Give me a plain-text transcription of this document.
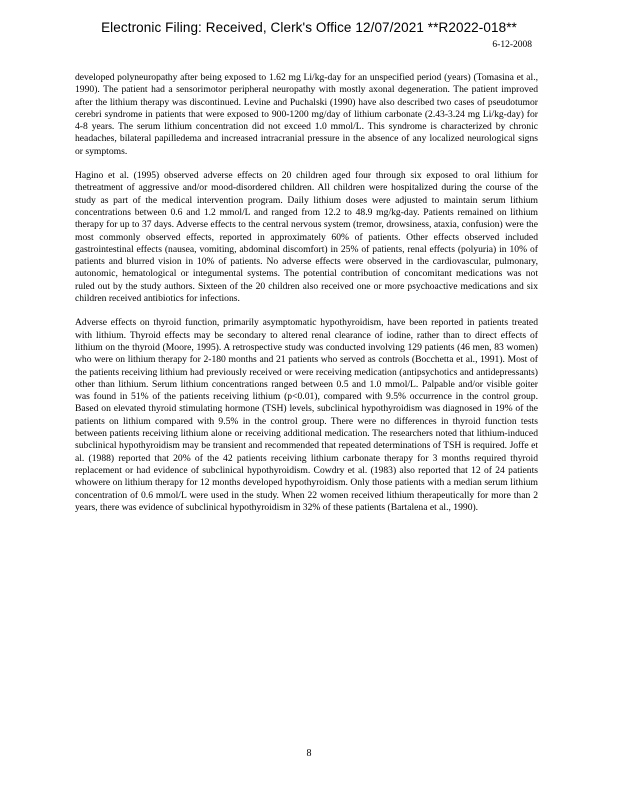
Electronic Filing: Received, Clerk's Office 12/07/2021 **R2022-018**
6-12-2008

developed polyneuropathy after being exposed to 1.62 mg Li/kg-day for an unspecified period (years) (Tomasina et al., 1990). The patient had a sensorimotor peripheral neuropathy with mostly axonal degeneration. The patient improved after the lithium therapy was discontinued. Levine and Puchalski (1990) have also described two cases of pseudotumor cerebri syndrome in patients that were exposed to 900-1200 mg/day of lithium carbonate (2.43-3.24 mg Li/kg-day) for 4-8 years. The serum lithium concentration did not exceed 1.0 mmol/L. This syndrome is characterized by chronic headaches, bilateral papilledema and increased intracranial pressure in the absence of any localized neurological signs or symptoms.

Hagino et al. (1995) observed adverse effects on 20 children aged four through six exposed to oral lithium for thetreatment of aggressive and/or mood-disordered children. All children were hospitalized during the course of the study as part of the medical intervention program. Daily lithium doses were adjusted to maintain serum lithium concentrations between 0.6 and 1.2 mmol/L and ranged from 12.2 to 48.9 mg/kg-day. Patients remained on lithium therapy for up to 37 days. Adverse effects to the central nervous system (tremor, drowsiness, ataxia, confusion) were the most commonly observed effects, reported in approximately 60% of patients. Other effects observed included gastrointestinal effects (nausea, vomiting, abdominal discomfort) in 25% of patients, renal effects (polyuria) in 10% of patients and blurred vision in 10% of patients. No adverse effects were observed in the cardiovascular, pulmonary, autonomic, hematological or integumental systems. The potential contribution of concomitant medications was not ruled out by the study authors. Sixteen of the 20 children also received one or more psychoactive medications and six children received antibiotics for infections.

Adverse effects on thyroid function, primarily asymptomatic hypothyroidism, have been reported in patients treated with lithium. Thyroid effects may be secondary to altered renal clearance of iodine, rather than to direct effects of lithium on the thyroid (Moore, 1995). A retrospective study was conducted involving 129 patients (46 men, 83 women) who were on lithium therapy for 2-180 months and 21 patients who served as controls (Bocchetta et al., 1991). Most of the patients receiving lithium had previously received or were receiving medication (antipsychotics and antidepressants) other than lithium. Serum lithium concentrations ranged between 0.5 and 1.0 mmol/L. Palpable and/or visible goiter was found in 51% of the patients receiving lithium (p<0.01), compared with 9.5% occurrence in the control group. Based on elevated thyroid stimulating hormone (TSH) levels, subclinical hypothyroidism was diagnosed in 19% of the patients on lithium compared with 9.5% in the control group. There were no differences in thyroid function tests between patients receiving lithium alone or receiving additional medication. The researchers noted that lithium-induced subclinical hypothyroidism may be transient and recommended that repeated determinations of TSH is required. Joffe et al. (1988) reported that 20% of the 42 patients receiving lithium carbonate therapy for 3 months required thyroid replacement or had evidence of subclinical hypothyroidism. Cowdry et al. (1983) also reported that 12 of 24 patients whowere on lithium therapy for 12 months developed hypothyroidism. Only those patients with a median serum lithium concentration of 0.6 mmol/L were used in the study. When 22 women received lithium therapeutically for more than 2 years, there was evidence of subclinical hypothyroidism in 32% of these patients (Bartalena et al., 1990).

8
